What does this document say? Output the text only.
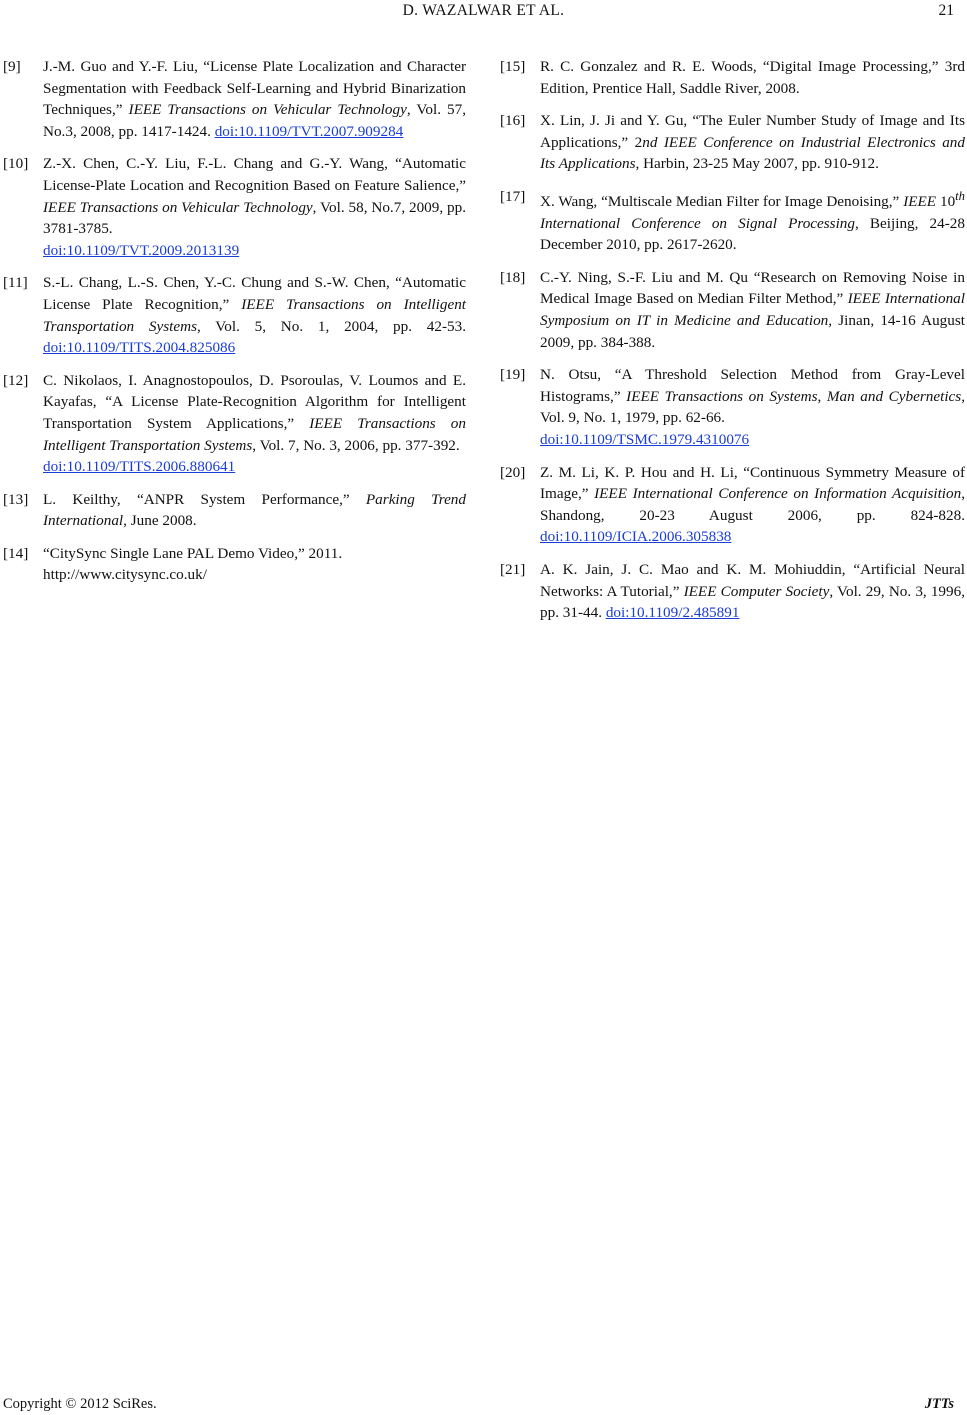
D. WAZALWAR ET AL.	21
[9]	J.-M. Guo and Y.-F. Liu, “License Plate Localization and Character Segmentation with Feedback Self-Learning and Hybrid Binarization Techniques,” IEEE Transactions on Vehicular Technology, Vol. 57, No.3, 2008, pp. 1417-1424. doi:10.1109/TVT.2007.909284
[10] Z.-X. Chen, C.-Y. Liu, F.-L. Chang and G.-Y. Wang, “Automatic License-Plate Location and Recognition Based on Feature Salience,” IEEE Transactions on Vehicular Technology, Vol. 58, No.7, 2009, pp. 3781-3785.
doi:10.1109/TVT.2009.2013139
[11]	S.-L. Chang, L.-S. Chen, Y.-C. Chung and S.-W. Chen, “Automatic License Plate Recognition,” IEEE Transactions on Intelligent Transportation Systems, Vol. 5, No. 1, 2004, pp. 42-53. doi:10.1109/TITS.2004.825086
[12] C. Nikolaos, I. Anagnostopoulos, D. Psoroulas, V. Loumos and E. Kayafas, “A License Plate-Recognition Algorithm for Intelligent Transportation System Applications,” IEEE Transactions on Intelligent Transportation Systems, Vol. 7, No. 3, 2006, pp. 377-392.
doi:10.1109/TITS.2006.880641
[13] L. Keilthy, “ANPR System Performance,” Parking Trend International, June 2008.
[14] “CitySync Single Lane PAL Demo Video,” 2011.
http://www.citysync.co.uk/
[15] R. C. Gonzalez and R. E. Woods, “Digital Image Processing,” 3rd Edition, Prentice Hall, Saddle River, 2008.
[16] X. Lin, J. Ji and Y. Gu, “The Euler Number Study of Image and Its Applications,” 2nd IEEE Conference on Industrial Electronics and Its Applications, Harbin, 23-25 May 2007, pp. 910-912.
[17] X. Wang, “Multiscale Median Filter for Image Denoising,” IEEE 10th International Conference on Signal Processing, Beijing, 24-28 December 2010, pp. 2617-2620.
[18] C.-Y. Ning, S.-F. Liu and M. Qu “Research on Removing Noise in Medical Image Based on Median Filter Method,” IEEE International Symposium on IT in Medicine and Education, Jinan, 14-16 August 2009, pp. 384-388.
[19] N. Otsu, “A Threshold Selection Method from Gray-Level Histograms,” IEEE Transactions on Systems, Man and Cybernetics, Vol. 9, No. 1, 1979, pp. 62-66.
doi:10.1109/TSMC.1979.4310076
[20] Z. M. Li, K. P. Hou and H. Li, “Continuous Symmetry Measure of Image,” IEEE International Conference on Information Acquisition, Shandong, 20-23 August 2006, pp. 824-828. doi:10.1109/ICIA.2006.305838
[21] A. K. Jain, J. C. Mao and K. M. Mohiuddin, “Artificial Neural Networks: A Tutorial,” IEEE Computer Society, Vol. 29, No. 3, 1996, pp. 31-44. doi:10.1109/2.485891
Copyright © 2012 SciRes.	JTTs
